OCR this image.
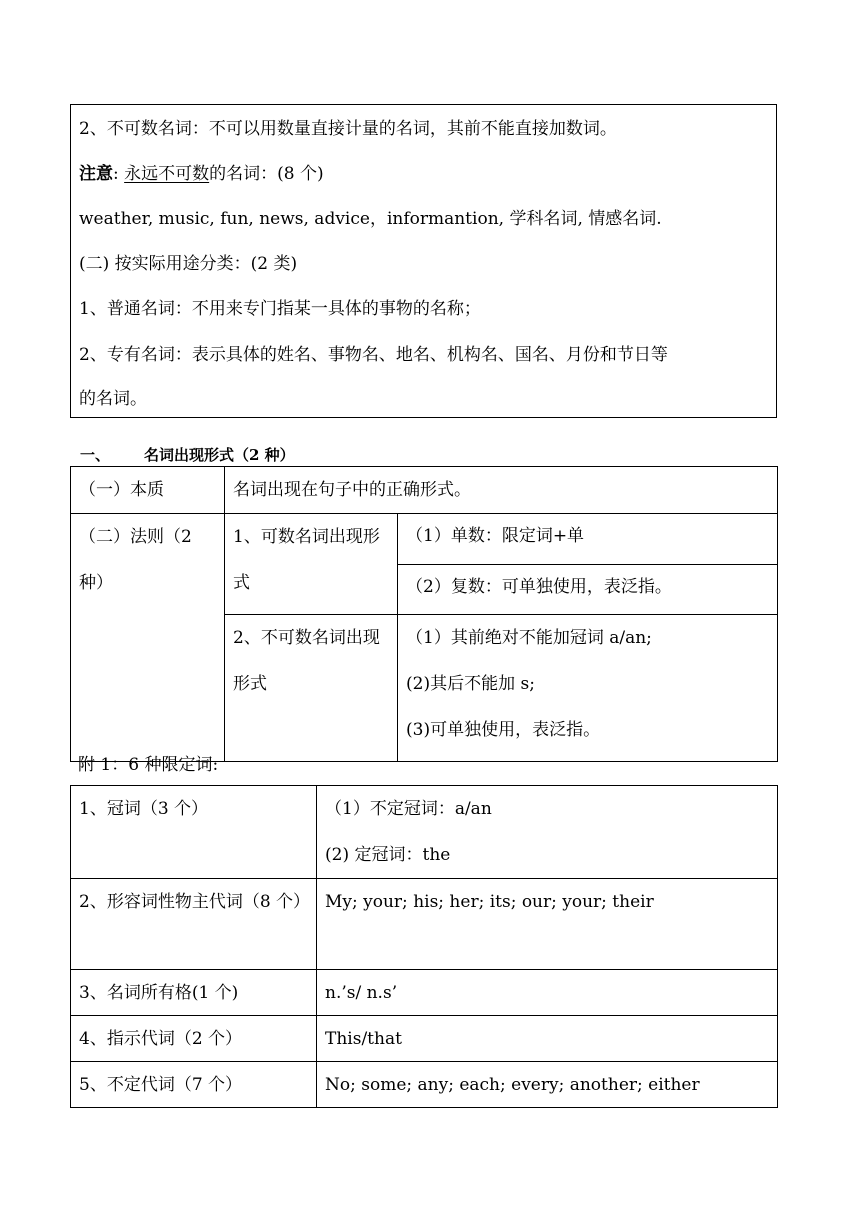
2、不可数名词：不可以用数量直接计量的名词，其前不能直接加数词。
注意: 永远不可数的名词：(8 个)
weather, music, fun, news, advice，informantion, 学科名词, 情感名词.
(二) 按实际用途分类：(2 类)
1、普通名词：不用来专门指某一具体的事物的名称；
2、专有名词：表示具体的姓名、事物名、地名、机构名、国名、月份和节日等
的名词。
一、 名词出现形式（2 种）
（一）本质	名词出现在句子中的正确形式。	
（二）法则（2 种）	1、可数名词出现形式	（1）单数：限定词+单
		（2）复数：可单独使用，表泛指。
	2、不可数名词出现形式	（1）其前绝对不能加冠词 a/an;
(2)其后不能加 s;
(3)可单独使用，表泛指。
附 1：6 种限定词:
1、冠词（3 个）	（1）不定冠词：a/an
(2) 定冠词：the

2、形容词性物主代词（8 个）	My; your; his; her; its; our; your; their
3、名词所有格(1 个)	n.’s/ n.s’
4、指示代词（2 个）	This/that
5、不定代词（7 个）	No; some; any; each; every; another; either
